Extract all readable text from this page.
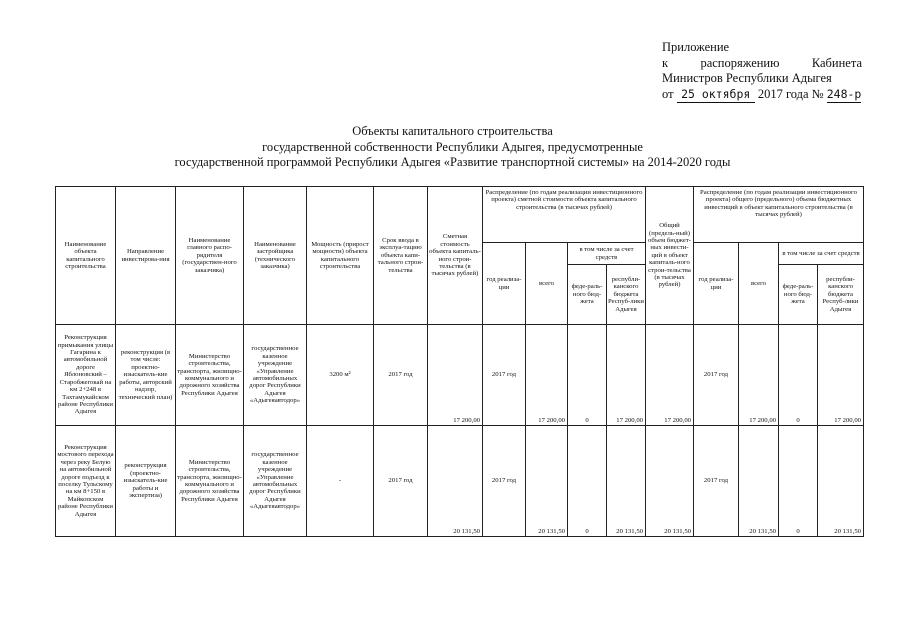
Приложение
к	распоряжению	Кабинета
Министров Республики Адыгея
от 25 октября 2017 года № 248-р
Объекты капитального строительства
государственной собственности Республики Адыгея, предусмотренные
государственной программой Республики Адыгея «Развитие транспортной системы» на 2014-2020 годы
Наименование объекта капитального строительства	Направление инвестирова-ния	Наименование главного распо-рядителя (государствен-ного заказчика)	Наименование застройщика (технического заказчика)	Мощность (прирост мощности) объекта капитального строительства	Срок ввода в эксплуа-тацию объекта капи-тального строи-тельства	Сметная стоимость объекта капиталь-ного строи-тельства (в тысячах рублей)	Распределение (по годам реализации инвестиционного проекта) сметной стоимости объекта капитального строительства (в тысячах рублей)				Общий (предель-ный) объем бюджет-ных инвести-ций в объект капиталь-ного строи-тельства (в тысячах рублей)	Распределение (по годам реализации инвестиционного проекта) общего (предельного) объема бюджетных инвестиций в объект капитального строительства (в тысячах рублей)			
							год реализа-ции	всего	в том числе за счет средств			год реализа-ции	всего	в том числе за счет средств	
									феде-раль-ного бюд-жета	республи-канского бюджета Респуб-лики Адыгея				феде-раль-ного бюд-жета	республи-канского бюджета Респуб-лики Адыгея
Реконструкция примыкания улицы Гагарина к автомобильной дороге Яблоновский – Старобжегокай на км 2+248 в Тахтамукайском районе Республики Адыгея	реконструкция (в том числе: проектно-изыскатель-кие работы, авторский надзор, технический план)	Министерство строительства, транспорта, жилищно-коммунального и дорожного хозяйства Республики Адыгея	государственное казенное учреждение «Управление автомобильных дорог Республики Адыгея «Адыгеяавтодор»	3200 м²	2017 год	17 200,00	2017 год	17 200,00	0	17 200,00	17 200,00	2017 год	17 200,00	0	17 200,00
Реконструкция мостового перехода через реку Белую на автомобильной дороге подъезд к поселку Тульскому на км 8+150 в Майкопском районе Республики Адыгея	реконструкция (проектно-изыскатель-кие работы и экспертиза)	Министерство строительства, транспорта, жилищно-коммунального и дорожного хозяйства Республики Адыгея	государственное казенное учреждение «Управление автомобильных дорог Республики Адыгея «Адыгеяавтодор»	-	2017 год	20 131,50	2017 год	20 131,50	0	20 131,50	20 131,50	2017 год	20 131,50	0	20 131,50
